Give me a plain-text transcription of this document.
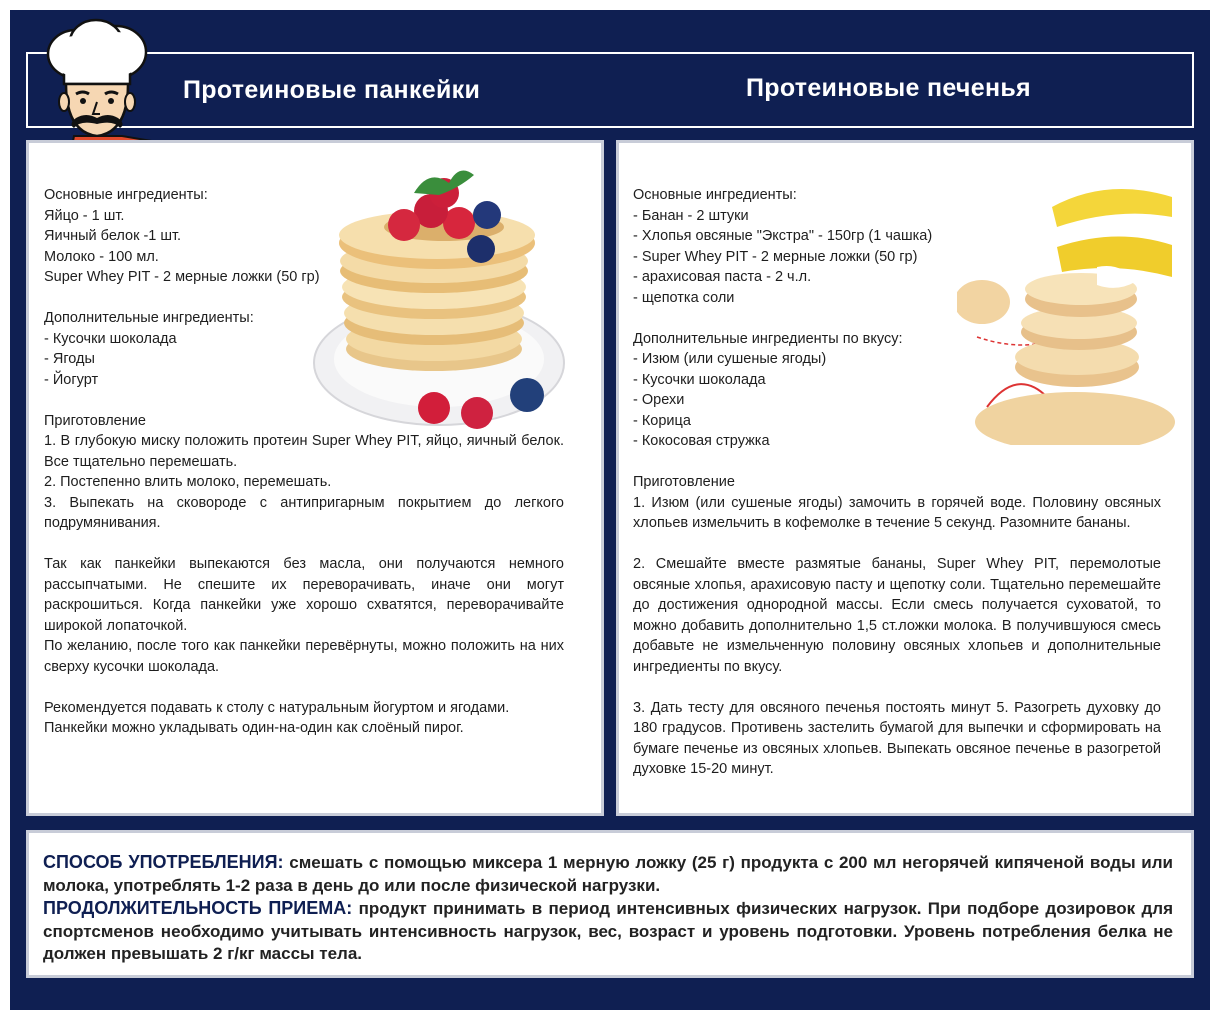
Протеиновые панкейки	Протеиновые печенья

Основные ингредиенты:

Яйцо - 1 шт.

Яичный белок -1 шт.

Молоко - 100 мл.

Super Whey PIT - 2 мерные ложки (50 гр)

Дополнительные ингредиенты:

- Кусочки шоколада

- Ягоды

- Йогурт

Приготовление

1. В глубокую миску положить протеин Super Whey PIT, яйцо, яичный белок. Все тщательно перемешать.

2. Постепенно влить молоко, перемешать.

3. Выпекать на сковороде с антипригарным покрытием до легкого подрумянивания.

Так как панкейки выпекаются без масла, они получаются немного рассыпчатыми. Не спешите их переворачивать, иначе они могут раскрошиться. Когда панкейки уже хорошо схватятся, переворачивайте широкой лопаточкой.

По желанию, после того как панкейки перевёрнуты, можно положить на них сверху кусочки шоколада.

Рекомендуется подавать к столу с натуральным йогуртом и ягодами.

Панкейки можно укладывать один-на-один как слоёный пирог.

Основные ингредиенты:

- Банан - 2 штуки

- Хлопья овсяные "Экстра" - 150гр (1 чашка)

- Super Whey PIT - 2 мерные ложки (50 гр)

- арахисовая паста - 2 ч.л.

- щепотка соли

Дополнительные ингредиенты по вкусу:

- Изюм (или сушеные ягоды)

- Кусочки шоколада

- Орехи

- Корица

- Кокосовая стружка

Приготовление

1. Изюм (или сушеные ягоды) замочить в горячей воде. Половину овсяных хлопьев измельчить в кофемолке в течение 5 секунд. Разомните бананы.

2. Смешайте вместе размятые бананы, Super Whey PIT, перемолотые овсяные хлопья, арахисовую пасту и щепотку соли. Тщательно перемешайте до достижения однородной массы. Если смесь получается суховатой, то можно добавить дополнительно 1,5 ст.ложки молока. В получившуюся смесь добавьте не измельченную половину овсяных хлопьев и дополнительные ингредиенты по вкусу.

3. Дать тесту для овсяного печенья постоять минут 5. Разогреть духовку до 180 градусов. Противень застелить бумагой для выпечки и сформировать на бумаге печенье из овсяных хлопьев. Выпекать овсяное печенье в разогретой духовке 15-20 минут.

СПОСОБ УПОТРЕБЛЕНИЯ: смешать с помощью миксера 1 мерную ложку (25 г) продукта с 200 мл негорячей кипяченой воды или молока, употреблять 1-2 раза в день до или после физической нагрузки.

ПРОДОЛЖИТЕЛЬНОСТЬ ПРИЕМА: продукт принимать в период интенсивных физических нагрузок. При подборе дозировок для спортсменов необходимо учитывать интенсивность нагрузок, вес, возраст и уровень подготовки. Уровень потребления белка не должен превышать 2 г/кг массы тела.
